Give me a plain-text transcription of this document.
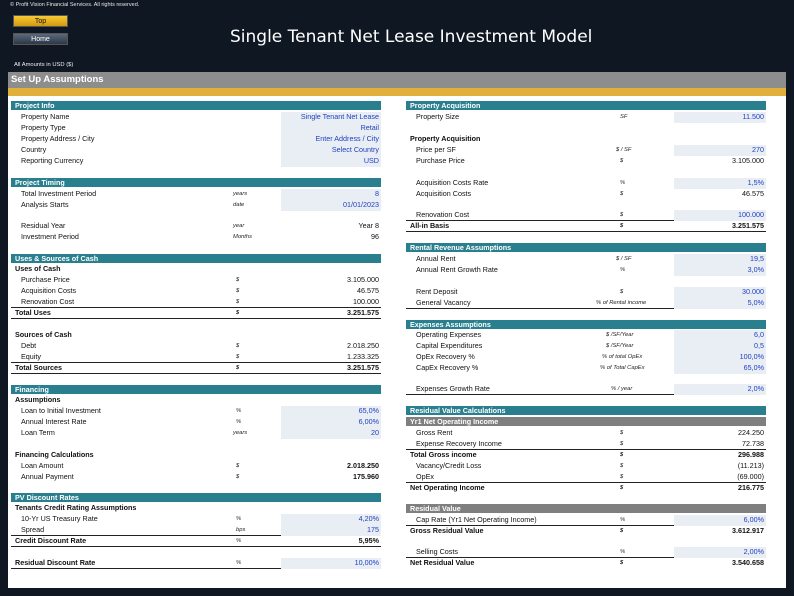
© Profit Vision Financial Services. All rights reserved.
Top
Home	Single Tenant Net Lease Investment Model
All Amounts in USD ($)
Set Up Assumptions
Project Info
Property Name	Single Tenant Net Lease
Property Type	Retail
Property Address / City	Enter Address / City
Country	Select Country
Reporting Currency	USD
Project Timing
Total Investment Period	years	8
Analysis Starts	date	01/01/2023
Residual Year	year	Year 8
Investment Period	Months	96
Uses & Sources of Cash
Uses of Cash
Purchase Price	$	3.105.000
Acquisition Costs	$	46.575
Renovation Cost	$	100.000
Total Uses	$	3.251.575
Sources of Cash
Debt	$	2.018.250
Equity	$	1.233.325
Total Sources	$	3.251.575
Financing
Assumptions
Loan to Initial Investment	%	65,0%
Annual Interest Rate	%	6,00%
Loan Term	years	20
Financing Calculations
Loan Amount	$	2.018.250
Annual Payment	$	175.960
PV Discount Rates
Tenants Credit Rating Assumptions
10-Yr US Treasury Rate	%	4,20%
Spread	bps	175
Credit Discount Rate	%	5,95%
Residual Discount Rate	%	10,00%
Property Acquisition
Property Size	SF	11.500
Property Acquisition
Price per SF	$ / SF	270
Purchase Price	$	3.105.000
Acquisition Costs Rate	%	1,5%
Acquisition Costs	$	46.575
Renovation Cost	$	100.000
All-in Basis	$	3.251.575
Rental Revenue Assumptions
Annual Rent	$ / SF	19,5
Annual Rent Growth Rate	%	3,0%
Rent Deposit	$	30.000
General Vacancy	% of Rental income	5,0%
Expenses Assumptions
Operating Expenses	$ /SF/Year	6,0
Capital Expenditures	$ /SF/Year	0,5
OpEx Recovery %	% of total OpEx	100,0%
CapEx Recovery %	% of Total CapEx	65,0%
Expenses Growth Rate	% / year	2,0%
Residual Value Calculations
Yr1 Net Operating Income
Gross Rent	$	224.250
Expense Recovery Income	$	72.738
Total Gross income	$	296.988
Vacancy/Credit Loss	$	(11.213)
OpEx	$	(69.000)
Net Operating Income	$	216.775
Residual Value
Cap Rate (Yr1 Net Operating Income)	%	6,00%
Gross Residual Value	$	3.612.917
Selling Costs	%	2,00%
Net Residual Value	$	3.540.658
